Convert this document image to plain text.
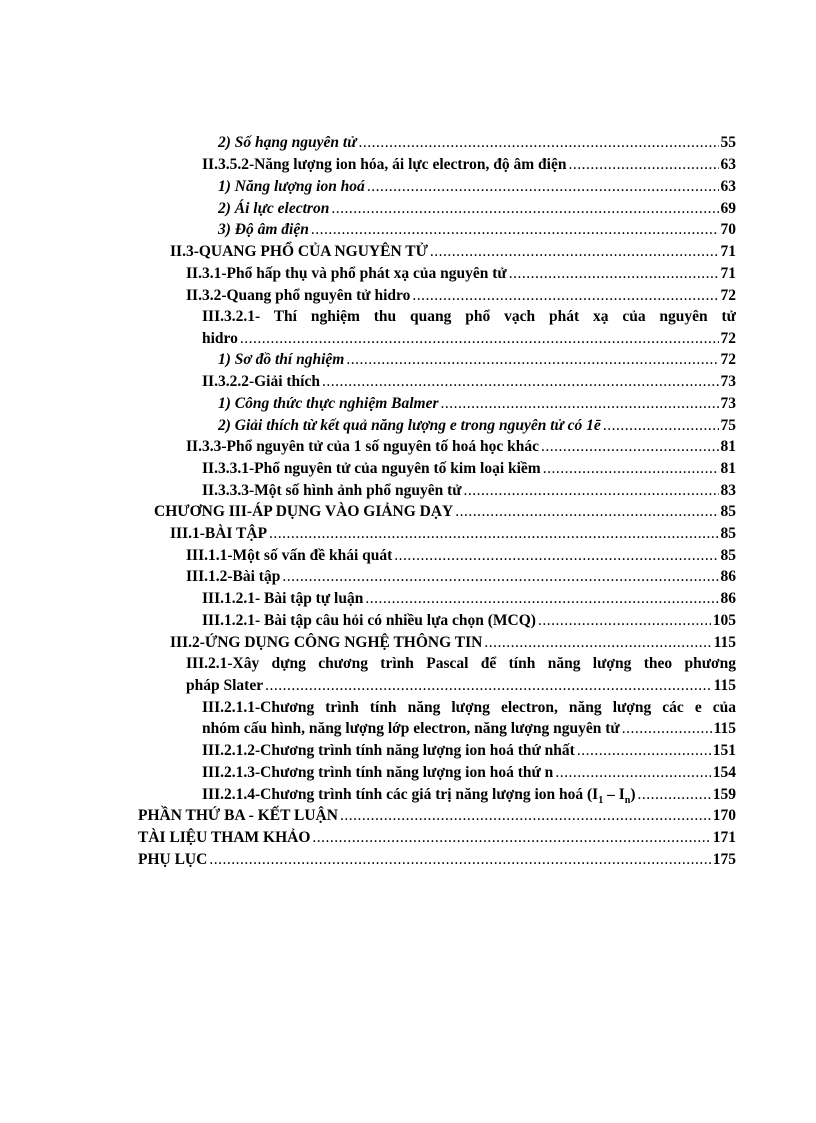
2) Số hạng nguyên tử .....	55
II.3.5.2-Năng lượng ion hóa, ái lực electron, độ âm điện .....	63
1) Năng lượng ion hoá .....	63
2) Ái lực electron .....	69
3) Độ âm điện .....	70
II.3-QUANG PHỔ CỦA NGUYÊN TỬ .....	71
II.3.1-Phổ hấp thụ và phổ phát xạ của nguyên tử .....	71
II.3.2-Quang phổ nguyên tử hidro .....	72
III.3.2.1- Thí nghiệm thu quang phổ vạch phát xạ của nguyên tử
hidro .....	72
1) Sơ đồ thí nghiệm .....	72
II.3.2.2-Giải thích .....	73
1) Công thức thực nghiệm Balmer .....	73
2) Giải thích từ kết quả năng lượng e trong nguyên tử có 1ē .....	75
II.3.3-Phổ nguyên tử của 1 số nguyên tố hoá học khác .....	81
II.3.3.1-Phổ nguyên tử của nguyên tố kim loại kiềm .....	81
II.3.3.3-Một số hình ảnh phổ nguyên tử .....	83
CHƯƠNG III-ÁP DỤNG VÀO GIẢNG DẠY .....	85
III.1-BÀI TẬP .....	85
III.1.1-Một số vấn đề khái quát .....	85
III.1.2-Bài tập .....	86
III.1.2.1- Bài tập tự luận .....	86
III.1.2.1- Bài tập câu hỏi có nhiều lựa chọn (MCQ) .....	105
III.2-ỨNG DỤNG CÔNG NGHỆ THÔNG TIN .....	115
III.2.1-Xây dựng chương trình Pascal để tính năng lượng theo phương
pháp Slater .....	115
III.2.1.1-Chương trình tính năng lượng electron, năng lượng các e của
nhóm cấu hình, năng lượng lớp electron, năng lượng nguyên tử .....	115
III.2.1.2-Chương trình tính năng lượng ion hoá thứ nhất .....	151
III.2.1.3-Chương trình tính năng lượng ion hoá thứ n .....	154
III.2.1.4-Chương trình tính các giá trị năng lượng ion hoá $(I_1 - I_n)$ .....	159
PHẦN THỨ BA - KẾT LUẬN .....	170
TÀI LIỆU THAM KHẢO .....	171
PHỤ LỤC .....	175
